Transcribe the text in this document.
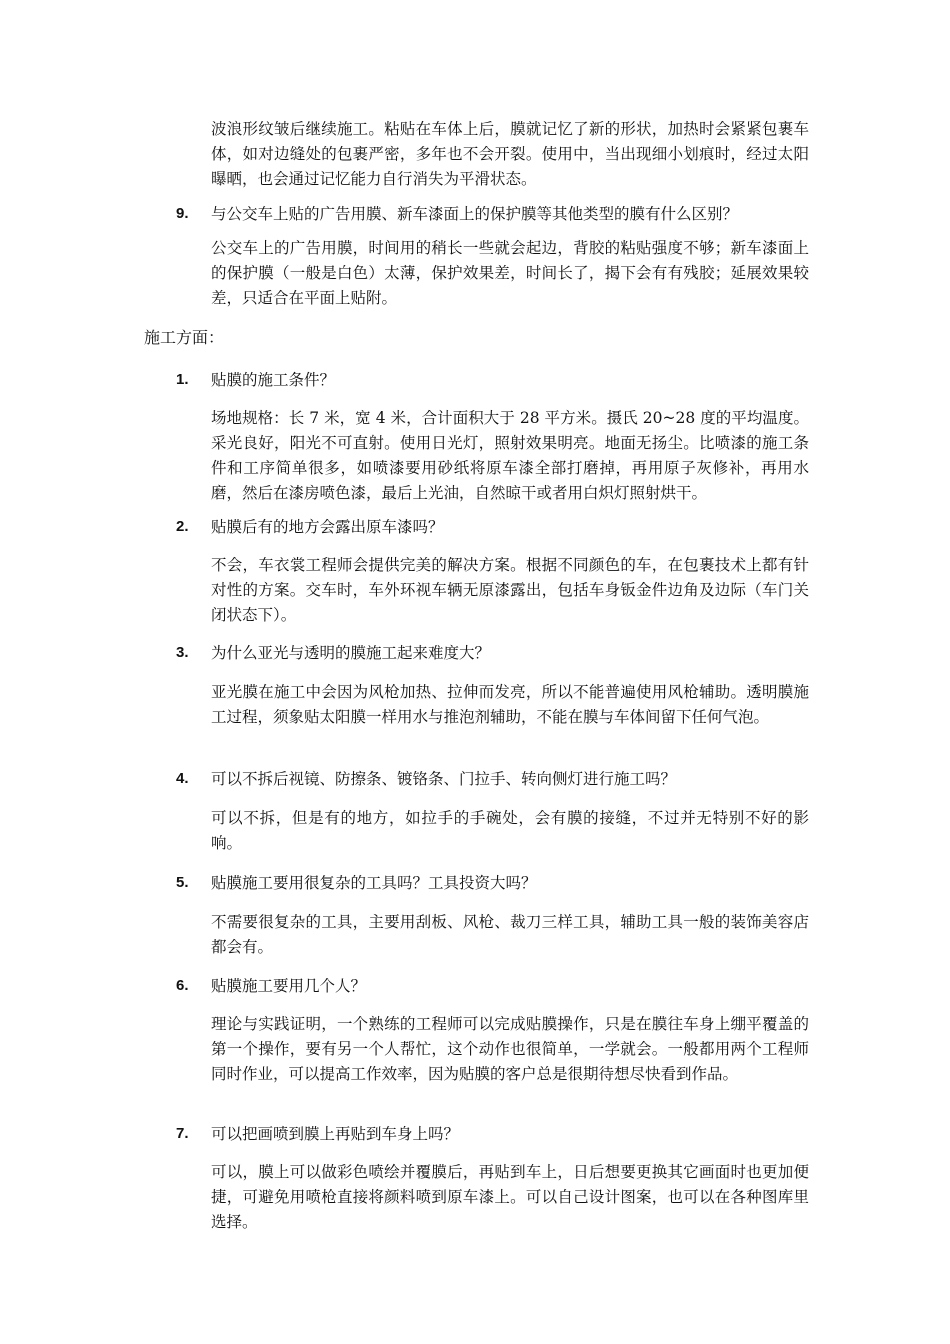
波浪形纹皱后继续施工。粘贴在车体上后，膜就记忆了新的形状，加热时会紧紧包裹车体，如对边缝处的包裹严密，多年也不会开裂。使用中，当出现细小划痕时，经过太阳曝晒，也会通过记忆能力自行消失为平滑状态。

9.	与公交车上贴的广告用膜、新车漆面上的保护膜等其他类型的膜有什么区别？

公交车上的广告用膜，时间用的稍长一些就会起边，背胶的粘贴强度不够；新车漆面上的保护膜（一般是白色）太薄，保护效果差，时间长了，揭下会有有残胶；延展效果较差，只适合在平面上贴附。

施工方面：
1.	贴膜的施工条件？

场地规格：长 7 米，宽 4 米，合计面积大于 28 平方米。摄氏 20~28 度的平均温度。采光良好，阳光不可直射。使用日光灯，照射效果明亮。地面无扬尘。比喷漆的施工条件和工序简单很多，如喷漆要用砂纸将原车漆全部打磨掉，再用原子灰修补，再用水磨，然后在漆房喷色漆，最后上光油，自然晾干或者用白炽灯照射烘干。

2.	贴膜后有的地方会露出原车漆吗？

不会，车衣裳工程师会提供完美的解决方案。根据不同颜色的车，在包裹技术上都有针对性的方案。交车时，车外环视车辆无原漆露出，包括车身钣金件边角及边际（车门关闭状态下）。

3.	为什么亚光与透明的膜施工起来难度大？

亚光膜在施工中会因为风枪加热、拉伸而发亮，所以不能普遍使用风枪辅助。透明膜施工过程，须象贴太阳膜一样用水与推泡剂辅助，不能在膜与车体间留下任何气泡。

4.	可以不拆后视镜、防擦条、镀铬条、门拉手、转向侧灯进行施工吗？

可以不拆，但是有的地方，如拉手的手碗处，会有膜的接缝，不过并无特别不好的影响。

5.	贴膜施工要用很复杂的工具吗？工具投资大吗？

不需要很复杂的工具，主要用刮板、风枪、裁刀三样工具，辅助工具一般的装饰美容店都会有。

6.	贴膜施工要用几个人？

理论与实践证明，一个熟练的工程师可以完成贴膜操作，只是在膜往车身上绷平覆盖的第一个操作，要有另一个人帮忙，这个动作也很简单，一学就会。一般都用两个工程师同时作业，可以提高工作效率，因为贴膜的客户总是很期待想尽快看到作品。

7.	可以把画喷到膜上再贴到车身上吗？

可以，膜上可以做彩色喷绘并覆膜后，再贴到车上，日后想要更换其它画面时也更加便捷，可避免用喷枪直接将颜料喷到原车漆上。可以自己设计图案，也可以在各种图库里选择。
